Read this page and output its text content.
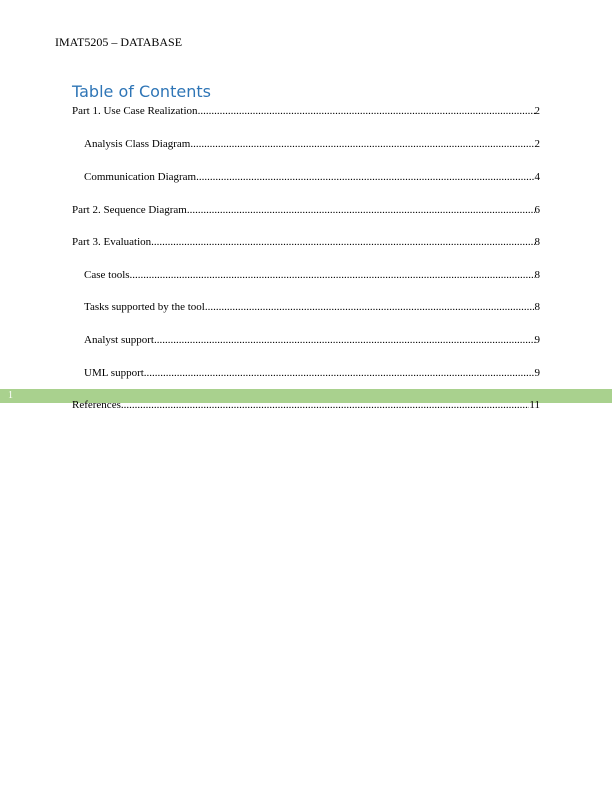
IMAT5205 – DATABASE
Table of Contents
Part 1. Use Case Realization .....	2
Analysis Class Diagram .....	2
Communication Diagram .....	4
Part 2. Sequence Diagram .....	6
Part 3. Evaluation .....	8
Case tools .....	8
Tasks supported by the tool .....	8
Analyst support .....	9
UML support .....	9
1
References .....	11
